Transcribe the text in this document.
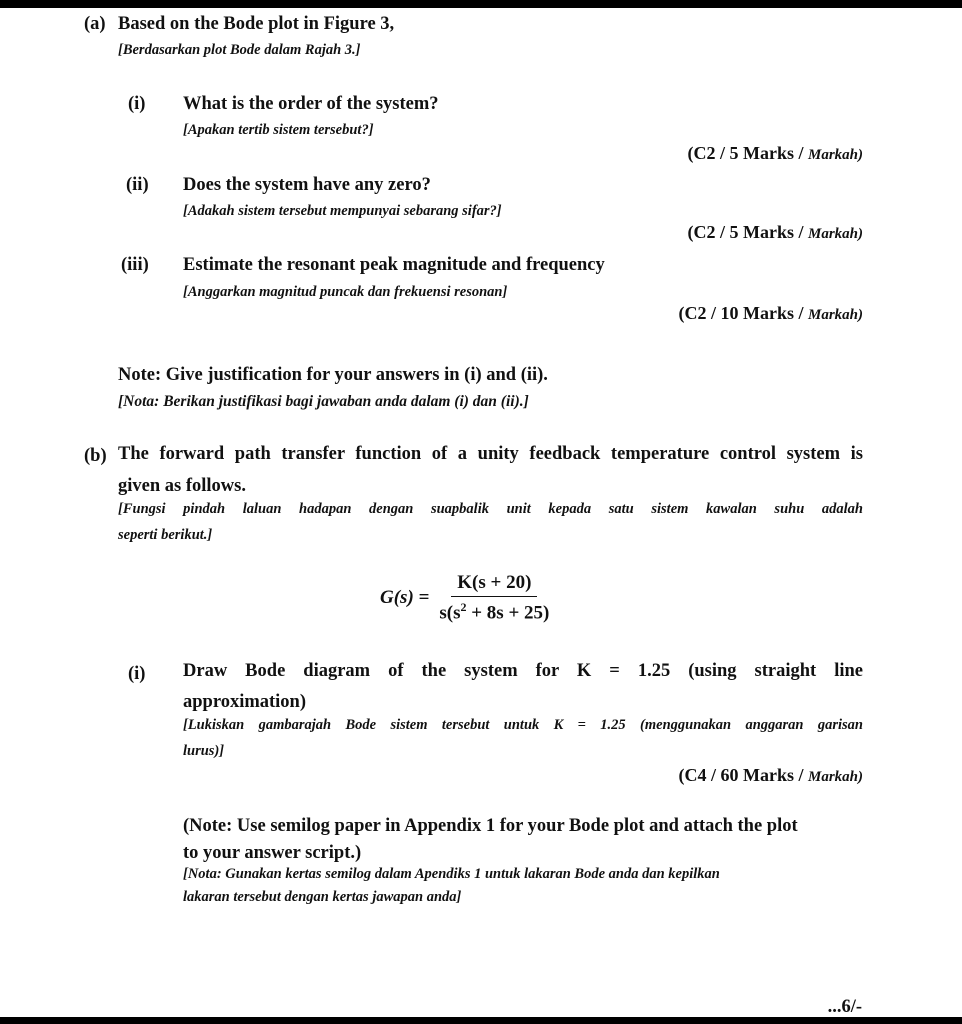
(a) Based on the Bode plot in Figure 3,
[Berdasarkan plot Bode dalam Rajah 3.]
(i) What is the order of the system?
[Apakan tertib sistem tersebut?]
(C2 / 5 Marks / Markah)
(ii) Does the system have any zero?
[Adakah sistem tersebut mempunyai sebarang sifar?]
(C2 / 5 Marks / Markah)
(iii) Estimate the resonant peak magnitude and frequency
[Anggarkan magnitud puncak dan frekuensi resonan]
(C2 / 10 Marks / Markah)
Note: Give justification for your answers in (i) and (ii).
[Nota: Berikan justifikasi bagi jawaban anda dalam (i) dan (ii).]
(b) The forward path transfer function of a unity feedback temperature control system is
given as follows.
[Fungsi pindah laluan hadapan dengan suapbalik unit kepada satu sistem kawalan suhu adalah
seperti berikut.]
$G(s) = \frac{K(s + 20)}{s(s^2 + 8s + 25)}$
(i) Draw Bode diagram of the system for K = 1.25 (using straight line
approximation)
[Lukiskan gambarajah Bode sistem tersebut untuk K = 1.25 (menggunakan anggaran garisan
lurus)]
(C4 / 60 Marks / Markah)
(Note: Use semilog paper in Appendix 1 for your Bode plot and attach the plot
to your answer script.)
[Nota: Gunakan kertas semilog dalam Apendiks 1 untuk lakaran Bode anda dan kepilkan
lakaran tersebut dengan kertas jawapan anda]
...6/-
